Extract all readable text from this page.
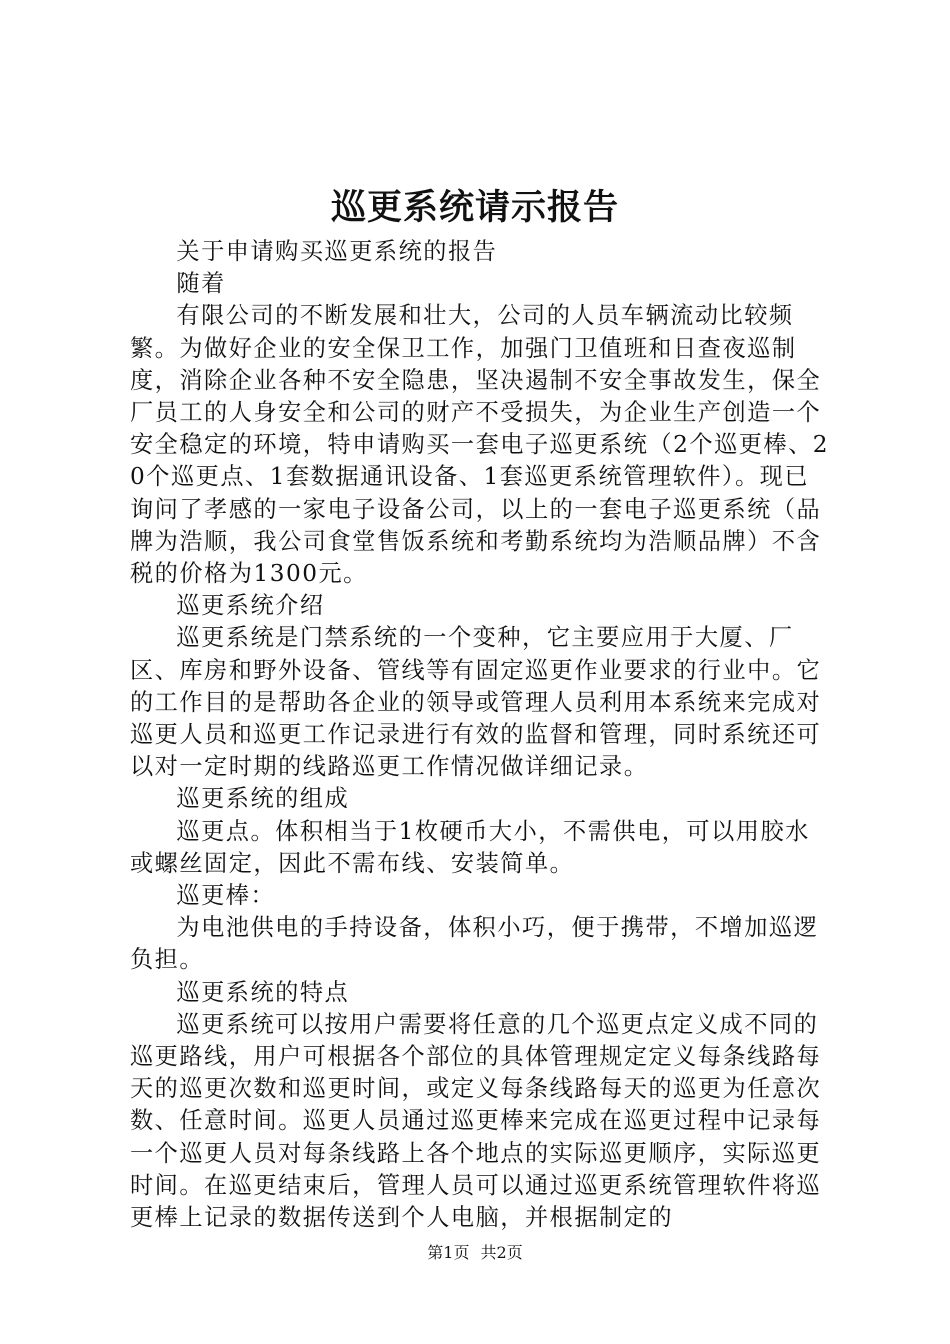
巡更系统请示报告

关于申请购买巡更系统的报告

随着

有限公司的不断发展和壮大，公司的人员车辆流动比较频繁。为做好企业的安全保卫工作，加强门卫值班和日查夜巡制度，消除企业各种不安全隐患，坚决遏制不安全事故发生，保全厂员工的人身安全和公司的财产不受损失，为企业生产创造一个安全稳定的环境，特申请购买一套电子巡更系统（2个巡更棒、20个巡更点、1套数据通讯设备、1套巡更系统管理软件）。现已询问了孝感的一家电子设备公司，以上的一套电子巡更系统（品牌为浩顺，我公司食堂售饭系统和考勤系统均为浩顺品牌）不含税的价格为1300元。

巡更系统介绍

巡更系统是门禁系统的一个变种，它主要应用于大厦、厂区、库房和野外设备、管线等有固定巡更作业要求的行业中。它的工作目的是帮助各企业的领导或管理人员利用本系统来完成对巡更人员和巡更工作记录进行有效的监督和管理，同时系统还可以对一定时期的线路巡更工作情况做详细记录。

巡更系统的组成

巡更点。体积相当于1枚硬币大小，不需供电，可以用胶水或螺丝固定，因此不需布线、安装简单。

巡更棒：

为电池供电的手持设备，体积小巧，便于携带，不增加巡逻负担。

巡更系统的特点

巡更系统可以按用户需要将任意的几个巡更点定义成不同的巡更路线，用户可根据各个部位的具体管理规定定义每条线路每天的巡更次数和巡更时间，或定义每条线路每天的巡更为任意次数、任意时间。巡更人员通过巡更棒来完成在巡更过程中记录每一个巡更人员对每条线路上各个地点的实际巡更顺序，实际巡更时间。在巡更结束后，管理人员可以通过巡更系统管理软件将巡更棒上记录的数据传送到个人电脑，并根据制定的

第1页 共2页
